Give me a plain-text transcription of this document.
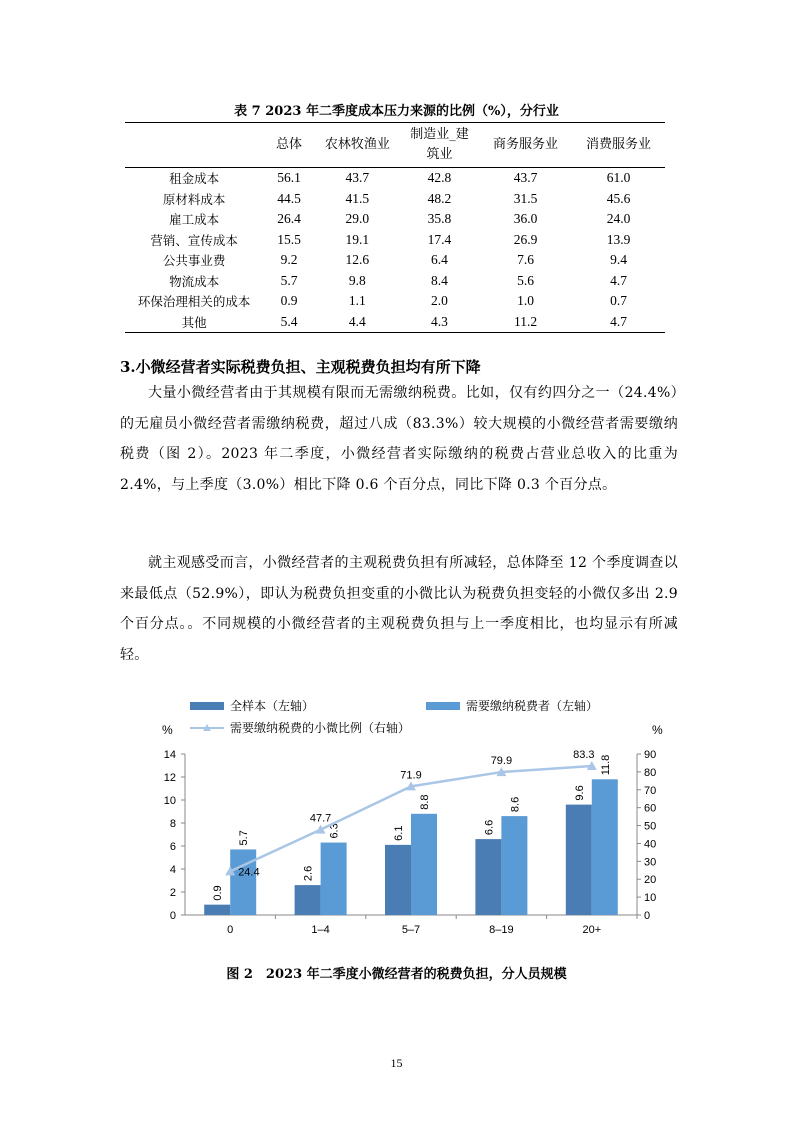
表 7 2023 年二季度成本压力来源的比例（%），分行业
	总体	农林牧渔业	制造业_建筑业	商务服务业	消费服务业
租金成本	56.1	43.7	42.8	43.7	61.0
原材料成本	44.5	41.5	48.2	31.5	45.6
雇工成本	26.4	29.0	35.8	36.0	24.0
营销、宣传成本	15.5	19.1	17.4	26.9	13.9
公共事业费	9.2	12.6	6.4	7.6	9.4
物流成本	5.7	9.8	8.4	5.6	4.7
环保治理相关的成本	0.9	1.1	2.0	1.0	0.7
其他	5.4	4.4	4.3	11.2	4.7
3.小微经营者实际税费负担、主观税费负担均有所下降

大量小微经营者由于其规模有限而无需缴纳税费。比如，仅有约四分之一（24.4%）的无雇员小微经营者需缴纳税费，超过八成（83.3%）较大规模的小微经营者需要缴纳税费（图 2）。2023 年二季度，小微经营者实际缴纳的税费占营业总收入的比重为 2.4%，与上季度（3.0%）相比下降 0.6 个百分点，同比下降 0.3 个百分点。

就主观感受而言，小微经营者的主观税费负担有所减轻，总体降至 12 个季度调查以来最低点（52.9%），即认为税费负担变重的小微比认为税费负担变轻的小微仅多出 2.9 个百分点。。不同规模的小微经营者的主观税费负担与上一季度相比，也均显示有所减轻。

全样本（左轴）	需要缴纳税费者（左轴）
需要缴纳税费的小微比例（右轴）
%	%
0
2
4
6
8
10
12
14
0
10
20
30
40
50
60
70
80
90
0
0.9
5.7
1–4
2.6
6.3
5–7
6.1
8.8
8–19
6.6
8.6
20+
9.6
11.8
24.4
47.7
71.9
79.9
83.3
图 2　2023 年二季度小微经营者的税费负担，分人员规模
15
